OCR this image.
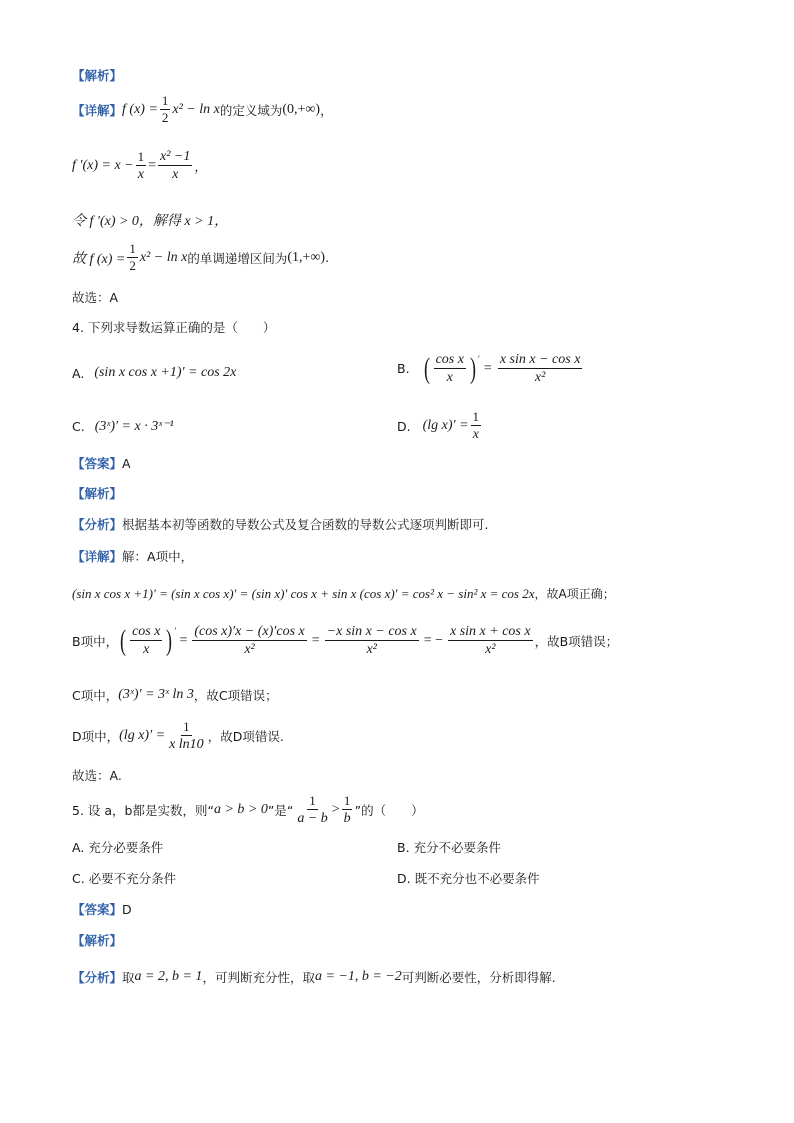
【解析】
【详解】 f $(x) = \frac{1}{2} x^2 - \ln x$ 的定义域为 (0,+∞) ，
f $'(x) = x - \frac{1}{x} = \frac{\text{x² −1}}{x}$ ，
令 f ′(x) > 0，解得 x > 1，
故 f $(x) = \frac{1}{2} x^2 - \ln x$ 的单调递增区间为 (1,+∞) .
故选：A
4. 下列求导数运算正确的是（　　）
A. (sin x cos x +1)′ = cos 2x	B. ( $\frac{\text{cos x}}{x} )'$
= $\frac{\text{x sin x − cos x}}{\text{x²}}$
C. (3ˣ)′ = x · 3ˣ⁻¹	D. (lg $x)' = \frac{1}{x}$
【答案】 A
【解析】
【分析】 根据基本初等函数的导数公式及复合函数的导数公式逐项判断即可.
【详解】 解：A项中，
(sin x cos x +1)′ = (sin x cos x)′ = (sin x)′ cos x + sin x (cos x)′ = cos² x − sin² x = cos 2x ，故A项正确；
B项中， ( $\frac{\text{cos x}}{x} )'$
= $\frac{\text{(cos x)′x − (x)′cos x}}{\text{x²}} = \frac{\text{−x sin x − cos x}}{\text{x²}}$ = − $\frac{\text{x sin x + cos x}}{\text{x²}}$ ，故B项错误；
C项中， (3ˣ)′ = 3ˣ ln 3 ，故C项错误；
D项中， (lg $x)' = \frac{1}{\text{x ln10}}$ ，故D项错误.
故选：A.
5. 设 a，b都是实数，则“ a > b > 0 ”是“ $\frac{1}{a - b} > \frac{1}{b}$ ”的（　　）
A. 充分必要条件	B. 充分不必要条件
C. 必要不充分条件	D. 既不充分也不必要条件
【答案】 D
【解析】
【分析】 取 a = 2, b = 1 ，可判断充分性，取 a = −1, b = −2 可判断必要性，分析即得解.
